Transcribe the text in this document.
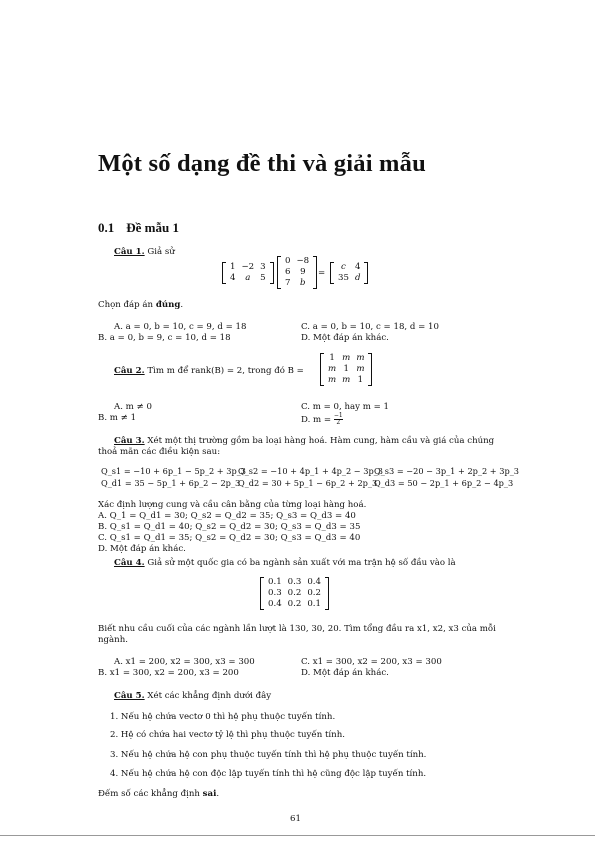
Một số dạng đề thi và giải mẫu
0.1 Đề mẫu 1
Câu 1. Giả sử
1	−2	3
4	a	5
0	−8
6	9
7	b
=
c	4
35	d
Chọn đáp án đúng.
A. a = 0, b = 10, c = 9, d = 18
B. a = 0, b = 9, c = 10, d = 18
C. a = 0, b = 10, c = 18, d = 10
D. Một đáp án khác.
Câu 2. Tìm m để rank(B) = 2, trong đó B =
1	m	m
m	1	m
m	m	1
A. m ≠ 0
B. m ≠ 1
C. m = 0, hay m = 1
D. $m = \frac{-1}{2}$
Câu 3. Xét một thị trường gồm ba loại hàng hoá. Hàm cung, hàm cầu và giá của chúng
thoả mãn các điều kiện sau:
Q_s1 = −10 + 6p_1 − 5p_2 + 3p_3
Q_s2 = −10 + 4p_1 + 4p_2 − 3p_3
Q_s3 = −20 − 3p_1 + 2p_2 + 3p_3
Q_d1 = 35 − 5p_1 + 6p_2 − 2p_3
Q_d2 = 30 + 5p_1 − 6p_2 + 2p_3
Q_d3 = 50 − 2p_1 + 6p_2 − 4p_3
Xác định lượng cung và cầu cân bằng của từng loại hàng hoá.
A. Q_1 = Q_d1 = 30; Q_s2 = Q_d2 = 35; Q_s3 = Q_d3 = 40
B. Q_s1 = Q_d1 = 40; Q_s2 = Q_d2 = 30; Q_s3 = Q_d3 = 35
C. Q_s1 = Q_d1 = 35; Q_s2 = Q_d2 = 30; Q_s3 = Q_d3 = 40
D. Một đáp án khác.
Câu 4. Giả sử một quốc gia có ba ngành sản xuất với ma trận hệ số đầu vào là
0.1	0.3	0.4
0.3	0.2	0.2
0.4	0.2	0.1
Biết nhu cầu cuối của các ngành lần lượt là 130, 30, 20. Tìm tổng đầu ra x1, x2, x3 của mỗi
ngành.
A. x1 = 200, x2 = 300, x3 = 300
B. x1 = 300, x2 = 200, x3 = 200
C. x1 = 300, x2 = 200, x3 = 300
D. Một đáp án khác.
Câu 5. Xét các khẳng định dưới đây
1. Nếu hệ chứa vectơ 0 thì hệ phụ thuộc tuyến tính.
2. Hệ có chứa hai vectơ tỷ lệ thì phụ thuộc tuyến tính.
3. Nếu hệ chứa hệ con phụ thuộc tuyến tính thì hệ phụ thuộc tuyến tính.
4. Nếu hệ chứa hệ con độc lập tuyến tính thì hệ cũng độc lập tuyến tính.
Đếm số các khẳng định sai.
61
